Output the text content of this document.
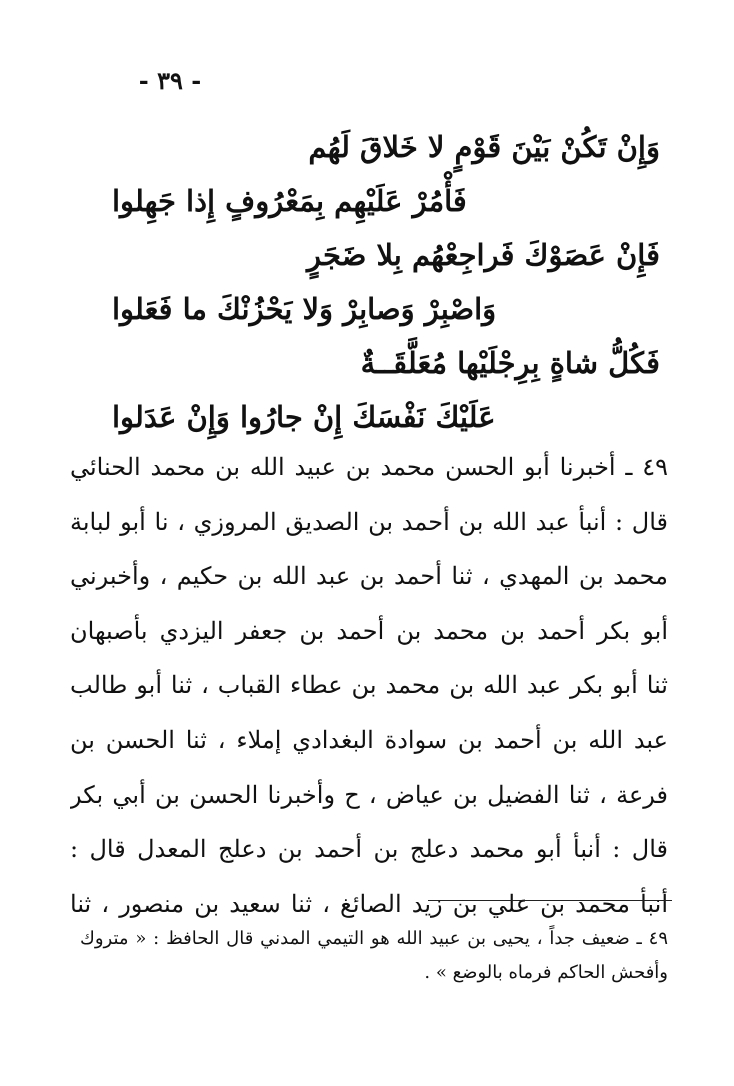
- ٣٩ -
وَإِنْ تَكُنْ بَيْنَ قَوْمٍ لا خَلاقَ لَهُم
فَأْمُرْ عَلَيْهِم بِمَعْرُوفٍ إِذا جَهِلوا
فَإِنْ عَصَوْكَ فَراجِعْهُم بِلا ضَجَرٍ
وَاصْبِرْ وَصابِرْ وَلا يَحْزُنْكَ ما فَعَلوا
فَكُلُّ شاةٍ بِرِجْلَيْها مُعَلَّقَــةٌ
عَلَيْكَ نَفْسَكَ إِنْ جارُوا وَإِنْ عَدَلوا
٤٩ ـ أخبرنا أبو الحسن محمد بن عبيد الله بن محمد الحنائي
قال : أنبأ عبد الله بن أحمد بن الصديق المروزي ، نا أبو لبابة
محمد بن المهدي ، ثنا أحمد بن عبد الله بن حكيم ، وأخبرني
أبو بكر أحمد بن محمد بن أحمد بن جعفر اليزدي بأصبهان
ثنا أبو بكر عبد الله بن محمد بن عطاء القباب ، ثنا أبو طالب
عبد الله بن أحمد بن سوادة البغدادي إملاء ، ثنا الحسن بن
فرعة ، ثنا الفضيل بن عياض ، ح وأخبرنا الحسن بن أبي بكر
قال : أنبأ أبو محمد دعلج بن أحمد بن دعلج المعدل قال :
أنبأ محمد بن علي بن زيد الصائغ ، ثنا سعيد بن منصور ، ثنا
٤٩ ـ ضعيف جداً ، يحيى بن عبيد الله هو التيمي المدني قال الحافظ : « متروك
وأفحش الحاكم فرماه بالوضع » .
